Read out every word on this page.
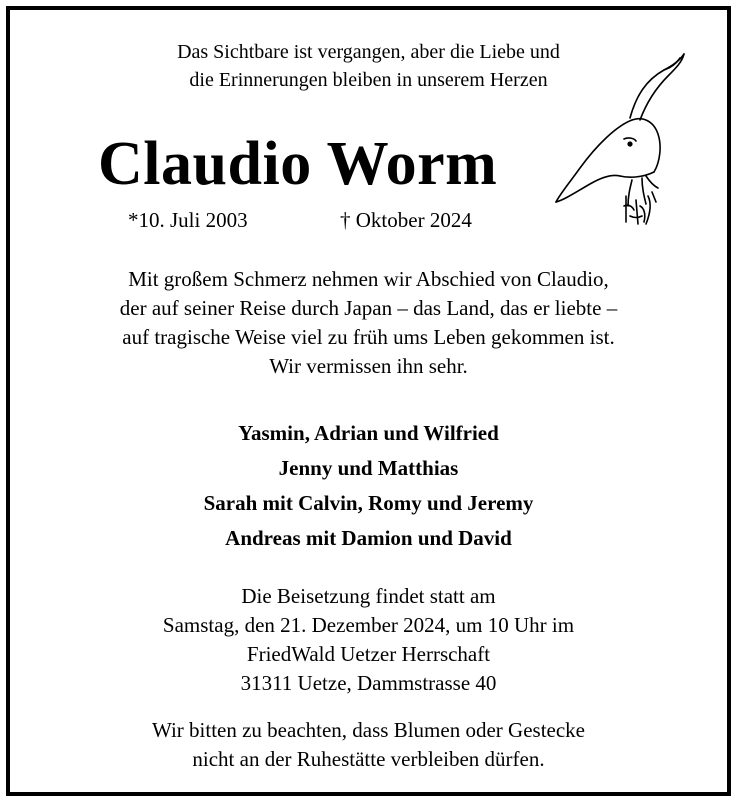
Das Sichtbare ist vergangen, aber die Liebe und
die Erinnerungen bleiben in unserem Herzen
Claudio Worm
*10. Juli 2003	† Oktober 2024
Mit großem Schmerz nehmen wir Abschied von Claudio,
der auf seiner Reise durch Japan – das Land, das er liebte –
auf tragische Weise viel zu früh ums Leben gekommen ist.
Wir vermissen ihn sehr.
Yasmin, Adrian und Wilfried
Jenny und Matthias
Sarah mit Calvin, Romy und Jeremy
Andreas mit Damion und David
Die Beisetzung findet statt am
Samstag, den 21. Dezember 2024, um 10 Uhr im
FriedWald Uetzer Herrschaft
31311 Uetze, Dammstrasse 40
Wir bitten zu beachten, dass Blumen oder Gestecke
nicht an der Ruhestätte verbleiben dürfen.
